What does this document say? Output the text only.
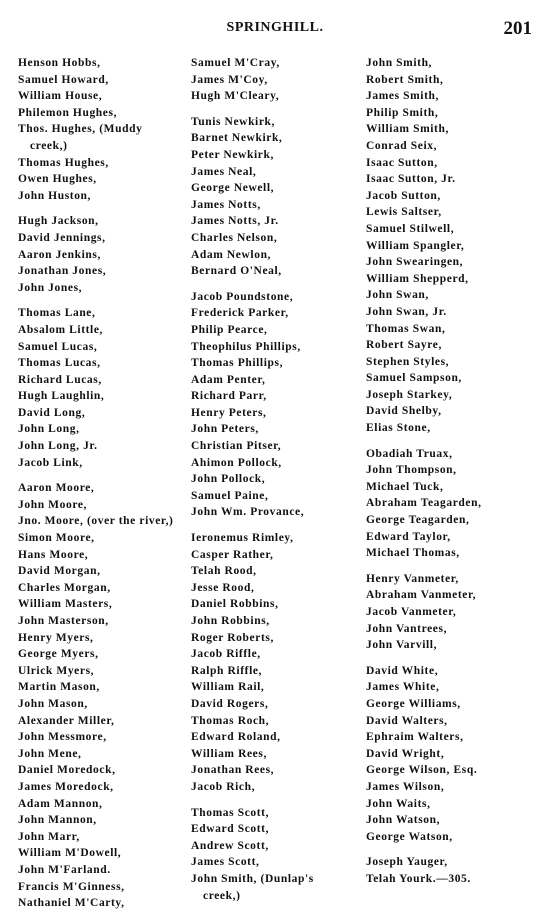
SPRINGHILL.	201
Henson Hobbs,
Samuel Howard,
William House,
Philemon Hughes,
Thos. Hughes, (Muddy creek,)
Thomas Hughes,
Owen Hughes,
John Huston,
Hugh Jackson,
David Jennings,
Aaron Jenkins,
Jonathan Jones,
John Jones,
Thomas Lane,
Absalom Little,
Samuel Lucas,
Thomas Lucas,
Richard Lucas,
Hugh Laughlin,
David Long,
John Long,
John Long, Jr.
Jacob Link,
Aaron Moore,
John Moore,
Jno. Moore, (over the river,)
Simon Moore,
Hans Moore,
David Morgan,
Charles Morgan,
William Masters,
John Masterson,
Henry Myers,
George Myers,
Ulrick Myers,
Martin Mason,
John Mason,
Alexander Miller,
John Messmore,
John Mene,
Daniel Moredock,
James Moredock,
Adam Mannon,
John Mannon,
John Marr,
William M'Dowell,
John M'Farland.
Francis M'Ginness,
Nathaniel M'Carty,
Samuel M'Cray,
James M'Coy,
Hugh M'Cleary,
Tunis Newkirk,
Barnet Newkirk,
Peter Newkirk,
James Neal,
George Newell,
James Notts,
James Notts, Jr.
Charles Nelson,
Adam Newlon,
Bernard O'Neal,
Jacob Poundstone,
Frederick Parker,
Philip Pearce,
Theophilus Phillips,
Thomas Phillips,
Adam Penter,
Richard Parr,
Henry Peters,
John Peters,
Christian Pitser,
Ahimon Pollock,
John Pollock,
Samuel Paine,
John Wm. Provance,
Ieronemus Rimley,
Casper Rather,
Telah Rood,
Jesse Rood,
Daniel Robbins,
John Robbins,
Roger Roberts,
Jacob Riffle,
Ralph Riffle,
William Rail,
David Rogers,
Thomas Roch,
Edward Roland,
William Rees,
Jonathan Rees,
Jacob Rich,
Thomas Scott,
Edward Scott,
Andrew Scott,
James Scott,
John Smith, (Dunlap's creek,)
John Smith,
Robert Smith,
James Smith,
Philip Smith,
William Smith,
Conrad Seix,
Isaac Sutton,
Isaac Sutton, Jr.
Jacob Sutton,
Lewis Saltser,
Samuel Stilwell,
William Spangler,
John Swearingen,
William Shepperd,
John Swan,
John Swan, Jr.
Thomas Swan,
Robert Sayre,
Stephen Styles,
Samuel Sampson,
Joseph Starkey,
David Shelby,
Elias Stone,
Obadiah Truax,
John Thompson,
Michael Tuck,
Abraham Teagarden,
George Teagarden,
Edward Taylor,
Michael Thomas,
Henry Vanmeter,
Abraham Vanmeter,
Jacob Vanmeter,
John Vantrees,
John Varvill,
David White,
James White,
George Williams,
David Walters,
Ephraim Walters,
David Wright,
George Wilson, Esq.
James Wilson,
John Waits,
John Watson,
George Watson,
Joseph Yauger,
Telah Yourk.—305.
